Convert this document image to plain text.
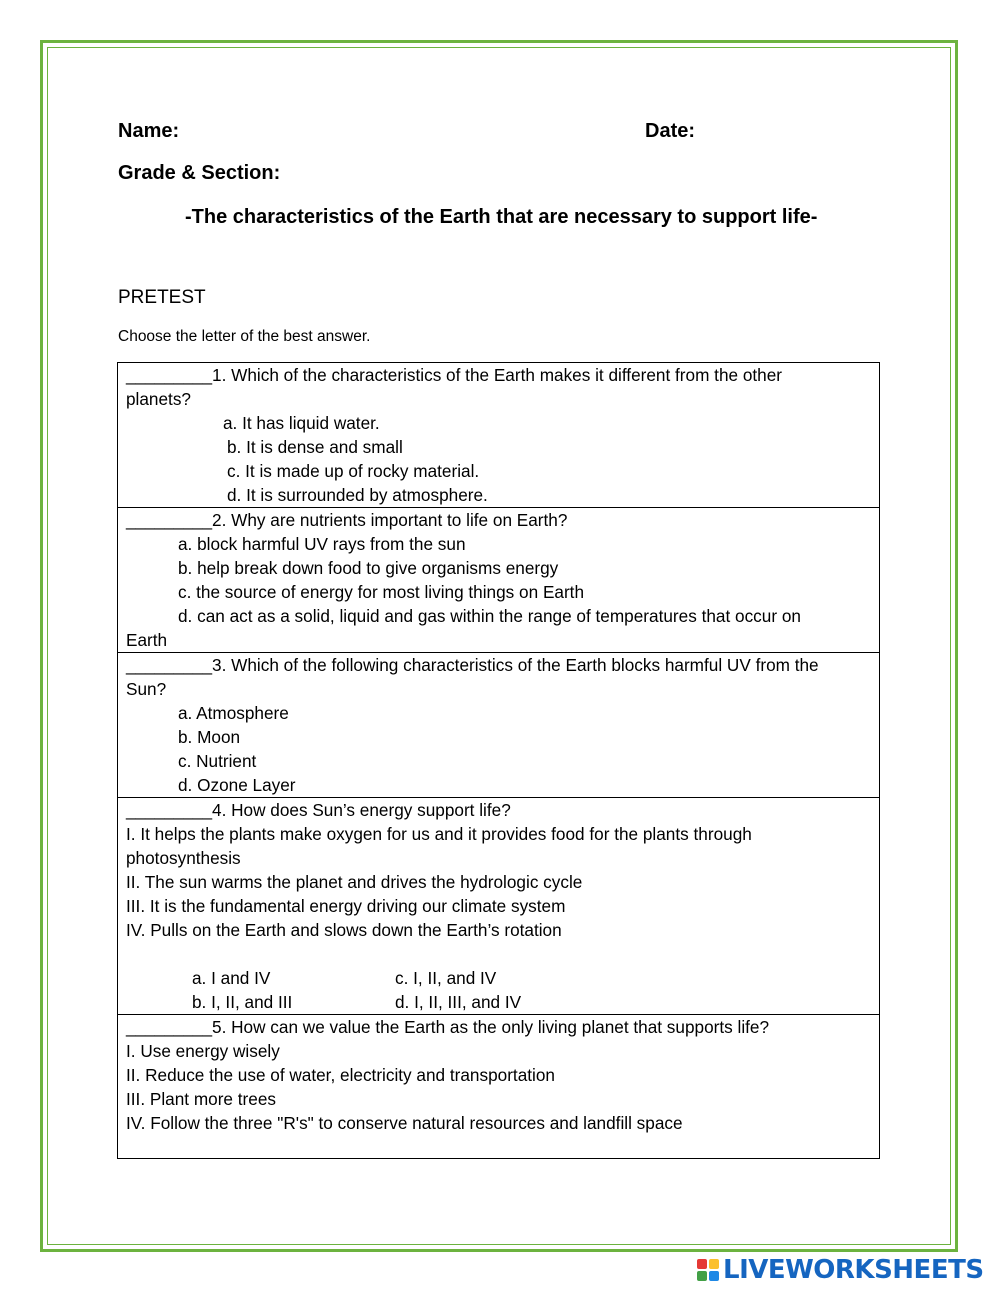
Name:	Date:
Grade & Section:
-The characteristics of the Earth that are necessary to support life-
PRETEST
Choose the letter of the best answer.
_________1. Which of the characteristics of the Earth makes it different from the other
planets?
a. It has liquid water.
b. It is dense and small
c. It is made up of rocky material.
d. It is surrounded by atmosphere.

_________2. Why are nutrients important to life on Earth?
a. block harmful UV rays from the sun
b. help break down food to give organisms energy
c. the source of energy for most living things on Earth
d. can act as a solid, liquid and gas within the range of temperatures that occur on
Earth

_________3. Which of the following characteristics of the Earth blocks harmful UV from the
Sun?
a. Atmosphere
b. Moon
c. Nutrient
d. Ozone Layer

_________4. How does Sun’s energy support life?
I. It helps the plants make oxygen for us and it provides food for the plants through
photosynthesis
II. The sun warms the planet and drives the hydrologic cycle
III. It is the fundamental energy driving our climate system
IV. Pulls on the Earth and slows down the Earth’s rotation

a. I and IV	c. I, II, and IV
b. I, II, and III	d. I, II, III, and IV

_________5. How can we value the Earth as the only living planet that supports life?
I. Use energy wisely
II. Reduce the use of water, electricity and transportation
III. Plant more trees
IV. Follow the three "R's" to conserve natural resources and landfill space
LIVEWORKSHEETS
